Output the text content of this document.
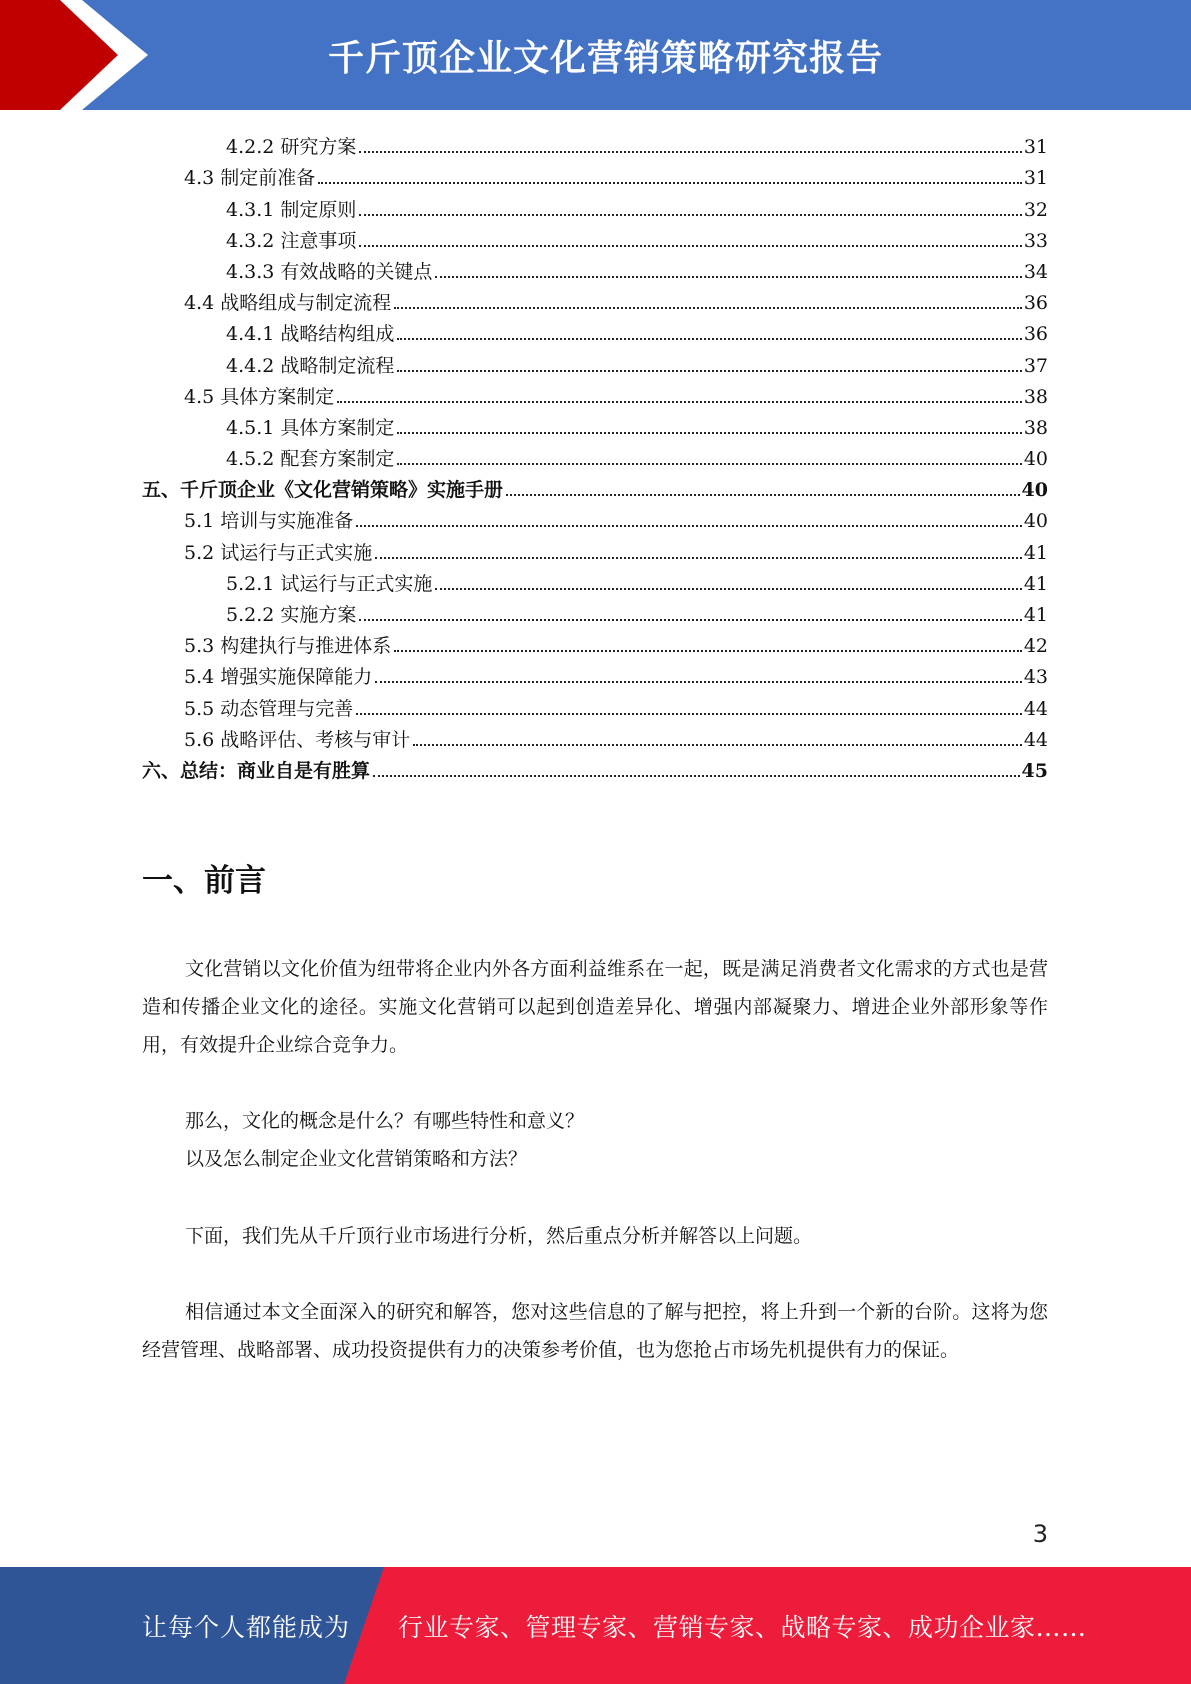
千斤顶企业文化营销策略研究报告
4.2.2 研究方案	31
4.3 制定前准备	31
4.3.1 制定原则	32
4.3.2 注意事项	33
4.3.3 有效战略的关键点	34
4.4 战略组成与制定流程	36
4.4.1 战略结构组成	36
4.4.2 战略制定流程	37
4.5 具体方案制定	38
4.5.1 具体方案制定	38
4.5.2 配套方案制定	40
五、千斤顶企业《文化营销策略》实施手册	40
5.1 培训与实施准备	40
5.2 试运行与正式实施	41
5.2.1 试运行与正式实施	41
5.2.2 实施方案	41
5.3 构建执行与推进体系	42
5.4 增强实施保障能力	43
5.5 动态管理与完善	44
5.6 战略评估、考核与审计	44
六、总结：商业自是有胜算	45
一、前言

文化营销以文化价值为纽带将企业内外各方面利益维系在一起，既是满足消费者文化需求的方式也是营造和传播企业文化的途径。实施文化营销可以起到创造差异化、增强内部凝聚力、增进企业外部形象等作用，有效提升企业综合竞争力。

那么，文化的概念是什么？有哪些特性和意义？

以及怎么制定企业文化营销策略和方法？

下面，我们先从千斤顶行业市场进行分析，然后重点分析并解答以上问题。

相信通过本文全面深入的研究和解答，您对这些信息的了解与把控，将上升到一个新的台阶。这将为您经营管理、战略部署、成功投资提供有力的决策参考价值，也为您抢占市场先机提供有力的保证。

3
让每个人都能成为 行业专家、管理专家、营销专家、战略专家、成功企业家……
